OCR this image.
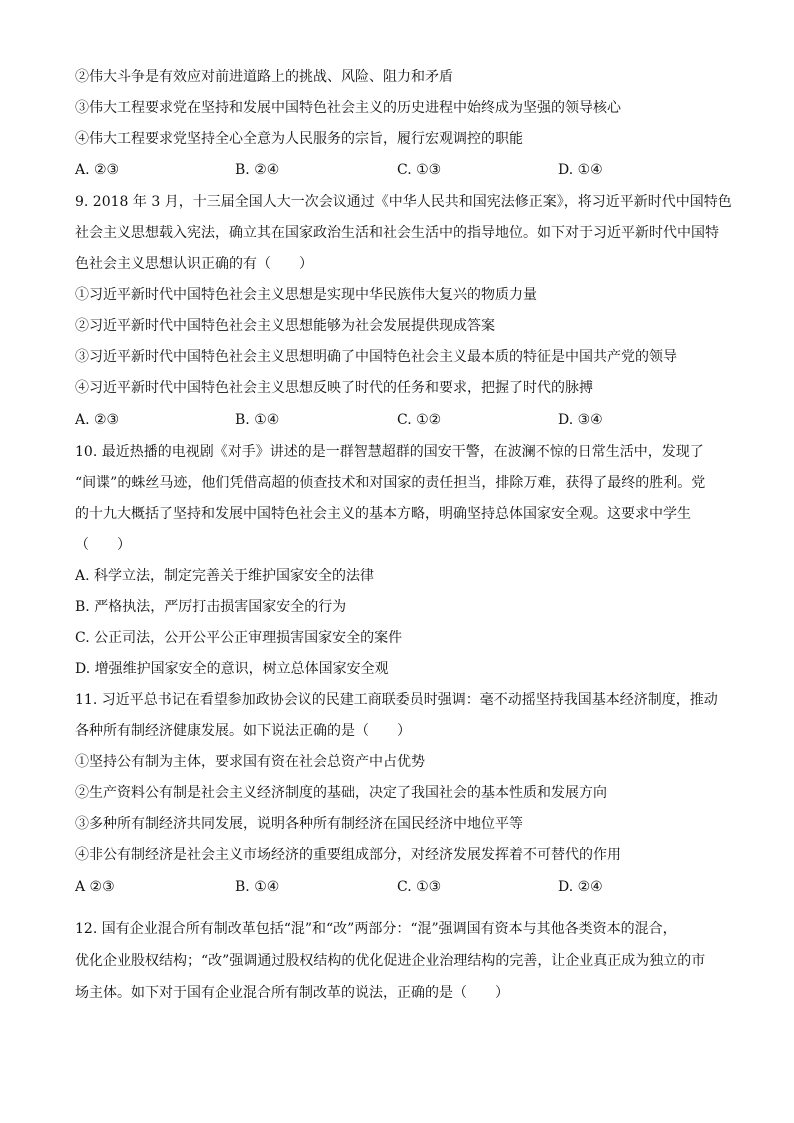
②伟大斗争是有效应对前进道路上的挑战、风险、阻力和矛盾
③伟大工程要求党在坚持和发展中国特色社会主义的历史进程中始终成为坚强的领导核心
④伟大工程要求党坚持全心全意为人民服务的宗旨，履行宏观调控的职能
A. ②③	B. ②④	C. ①③	D. ①④
9. 2018 年 3 月，十三届全国人大一次会议通过《中华人民共和国宪法修正案》，将习近平新时代中国特色
社会主义思想载入宪法，确立其在国家政治生活和社会生活中的指导地位。如下对于习近平新时代中国特
色社会主义思想认识正确的有（　　）
①习近平新时代中国特色社会主义思想是实现中华民族伟大复兴的物质力量
②习近平新时代中国特色社会主义思想能够为社会发展提供现成答案
③习近平新时代中国特色社会主义思想明确了中国特色社会主义最本质的特征是中国共产党的领导
④习近平新时代中国特色社会主义思想反映了时代的任务和要求，把握了时代的脉搏
A. ②③	B. ①④	C. ①②	D. ③④
10. 最近热播的电视剧《对手》讲述的是一群智慧超群的国安干警，在波澜不惊的日常生活中，发现了
“间谍”的蛛丝马迹，他们凭借高超的侦查技术和对国家的责任担当，排除万难，获得了最终的胜利。党
的十九大概括了坚持和发展中国特色社会主义的基本方略，明确坚持总体国家安全观。这要求中学生
（　　）
A. 科学立法，制定完善关于维护国家安全的法律
B. 严格执法，严厉打击损害国家安全的行为
C. 公正司法，公开公平公正审理损害国家安全的案件
D. 增强维护国家安全的意识，树立总体国家安全观
11. 习近平总书记在看望参加政协会议的民建工商联委员时强调：毫不动摇坚持我国基本经济制度，推动
各种所有制经济健康发展。如下说法正确的是（　　）
①坚持公有制为主体，要求国有资在社会总资产中占优势
②生产资料公有制是社会主义经济制度的基础，决定了我国社会的基本性质和发展方向
③多种所有制经济共同发展，说明各种所有制经济在国民经济中地位平等
④非公有制经济是社会主义市场经济的重要组成部分，对经济发展发挥着不可替代的作用
A ②③	B. ①④	C. ①③	D. ②④
12. 国有企业混合所有制改革包括“混”和“改”两部分：“混”强调国有资本与其他各类资本的混合，
优化企业股权结构；“改”强调通过股权结构的优化促进企业治理结构的完善，让企业真正成为独立的市
场主体。如下对于国有企业混合所有制改革的说法，正确的是（　　）
